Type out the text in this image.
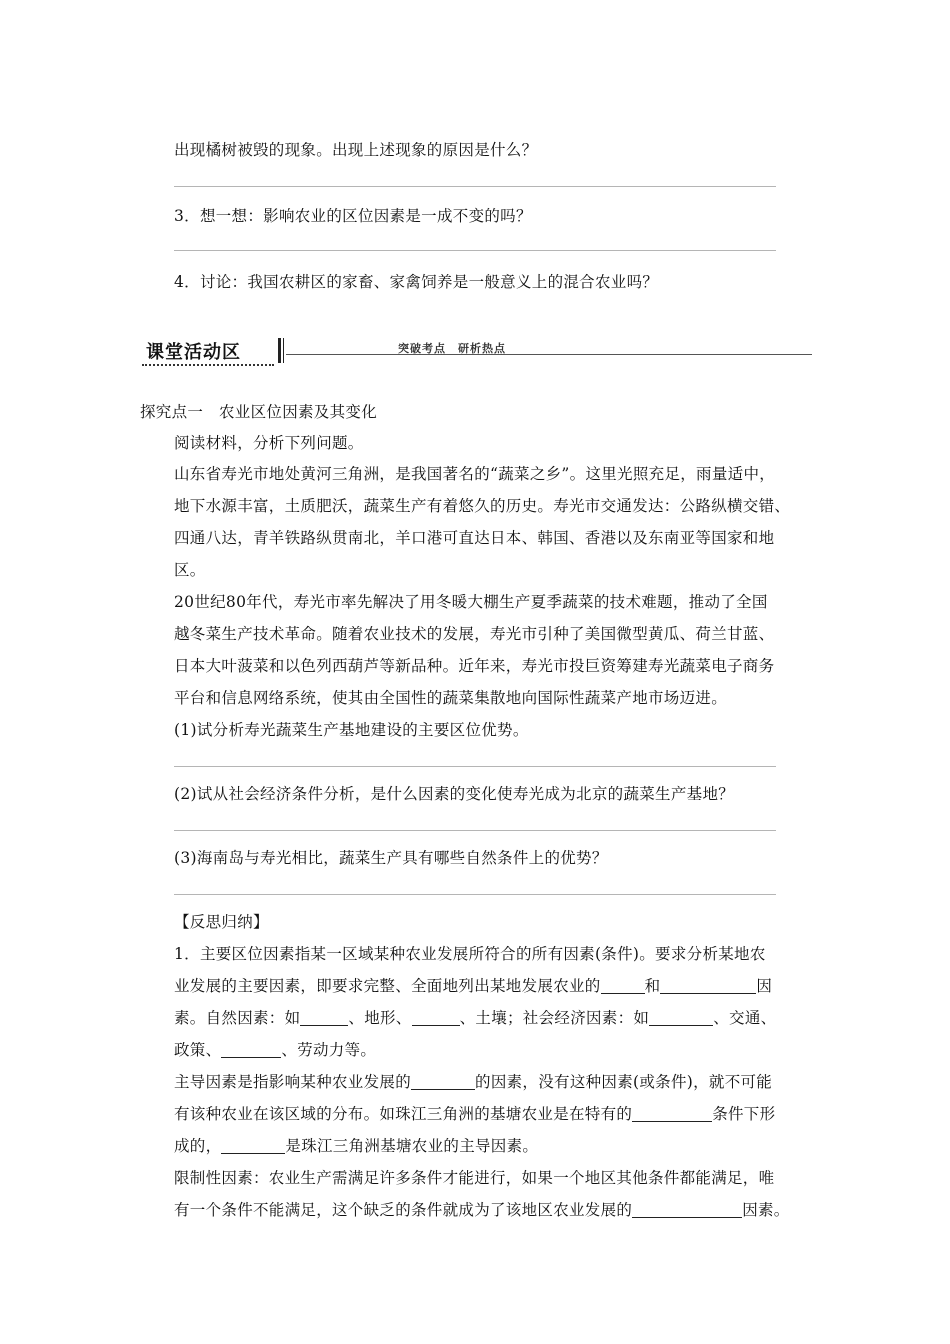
出现橘树被毁的现象。出现上述现象的原因是什么？
3．想一想：影响农业的区位因素是一成不变的吗？
4．讨论：我国农耕区的家畜、家禽饲养是一般意义上的混合农业吗？
课堂活动区	突破考点　研析热点
探究点一　农业区位因素及其变化
阅读材料，分析下列问题。
山东省寿光市地处黄河三角洲，是我国著名的“蔬菜之乡”。这里光照充足，雨量适中，
地下水源丰富，土质肥沃，蔬菜生产有着悠久的历史。寿光市交通发达：公路纵横交错、
四通八达，青羊铁路纵贯南北，羊口港可直达日本、韩国、香港以及东南亚等国家和地
区。
20世纪80年代，寿光市率先解决了用冬暖大棚生产夏季蔬菜的技术难题，推动了全国
越冬菜生产技术革命。随着农业技术的发展，寿光市引种了美国微型黄瓜、荷兰甘蓝、
日本大叶菠菜和以色列西葫芦等新品种。近年来，寿光市投巨资筹建寿光蔬菜电子商务
平台和信息网络系统，使其由全国性的蔬菜集散地向国际性蔬菜产地市场迈进。
(1)试分析寿光蔬菜生产基地建设的主要区位优势。
(2)试从社会经济条件分析，是什么因素的变化使寿光成为北京的蔬菜生产基地？
(3)海南岛与寿光相比，蔬菜生产具有哪些自然条件上的优势？
【反思归纳】
1．主要区位因素指某一区域某种农业发展所符合的所有因素(条件)。要求分析某地农
业发展的主要因素，即要求完整、全面地列出某地发展农业的	和	因
素。自然因素：如	、地形、	、土壤；社会经济因素：如	、交通、
政策、	、劳动力等。
主导因素是指影响某种农业发展的	的因素，没有这种因素(或条件)，就不可能
有该种农业在该区域的分布。如珠江三角洲的基塘农业是在特有的	条件下形
成的，	是珠江三角洲基塘农业的主导因素。
限制性因素：农业生产需满足许多条件才能进行，如果一个地区其他条件都能满足，唯
有一个条件不能满足，这个缺乏的条件就成为了该地区农业发展的	因素。
